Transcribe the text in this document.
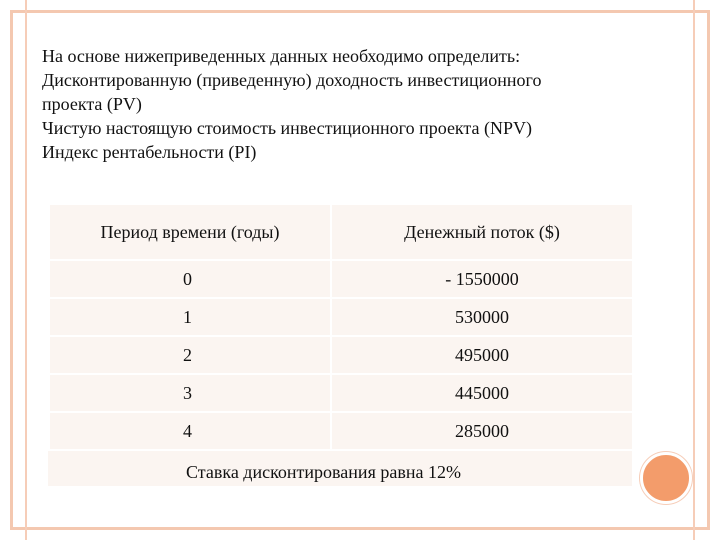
На основе нижеприведенных данных необходимо определить:
Дисконтированную (приведенную) доходность инвестиционного
проекта (PV)
Чистую настоящую стоимость инвестиционного проекта (NPV)
Индекс рентабельности (PI)
Период времени (годы)	Денежный поток ($)
0	- 1550000
1	530000
2	495000
3	445000
4	285000
Ставка дисконтирования равна 12%
